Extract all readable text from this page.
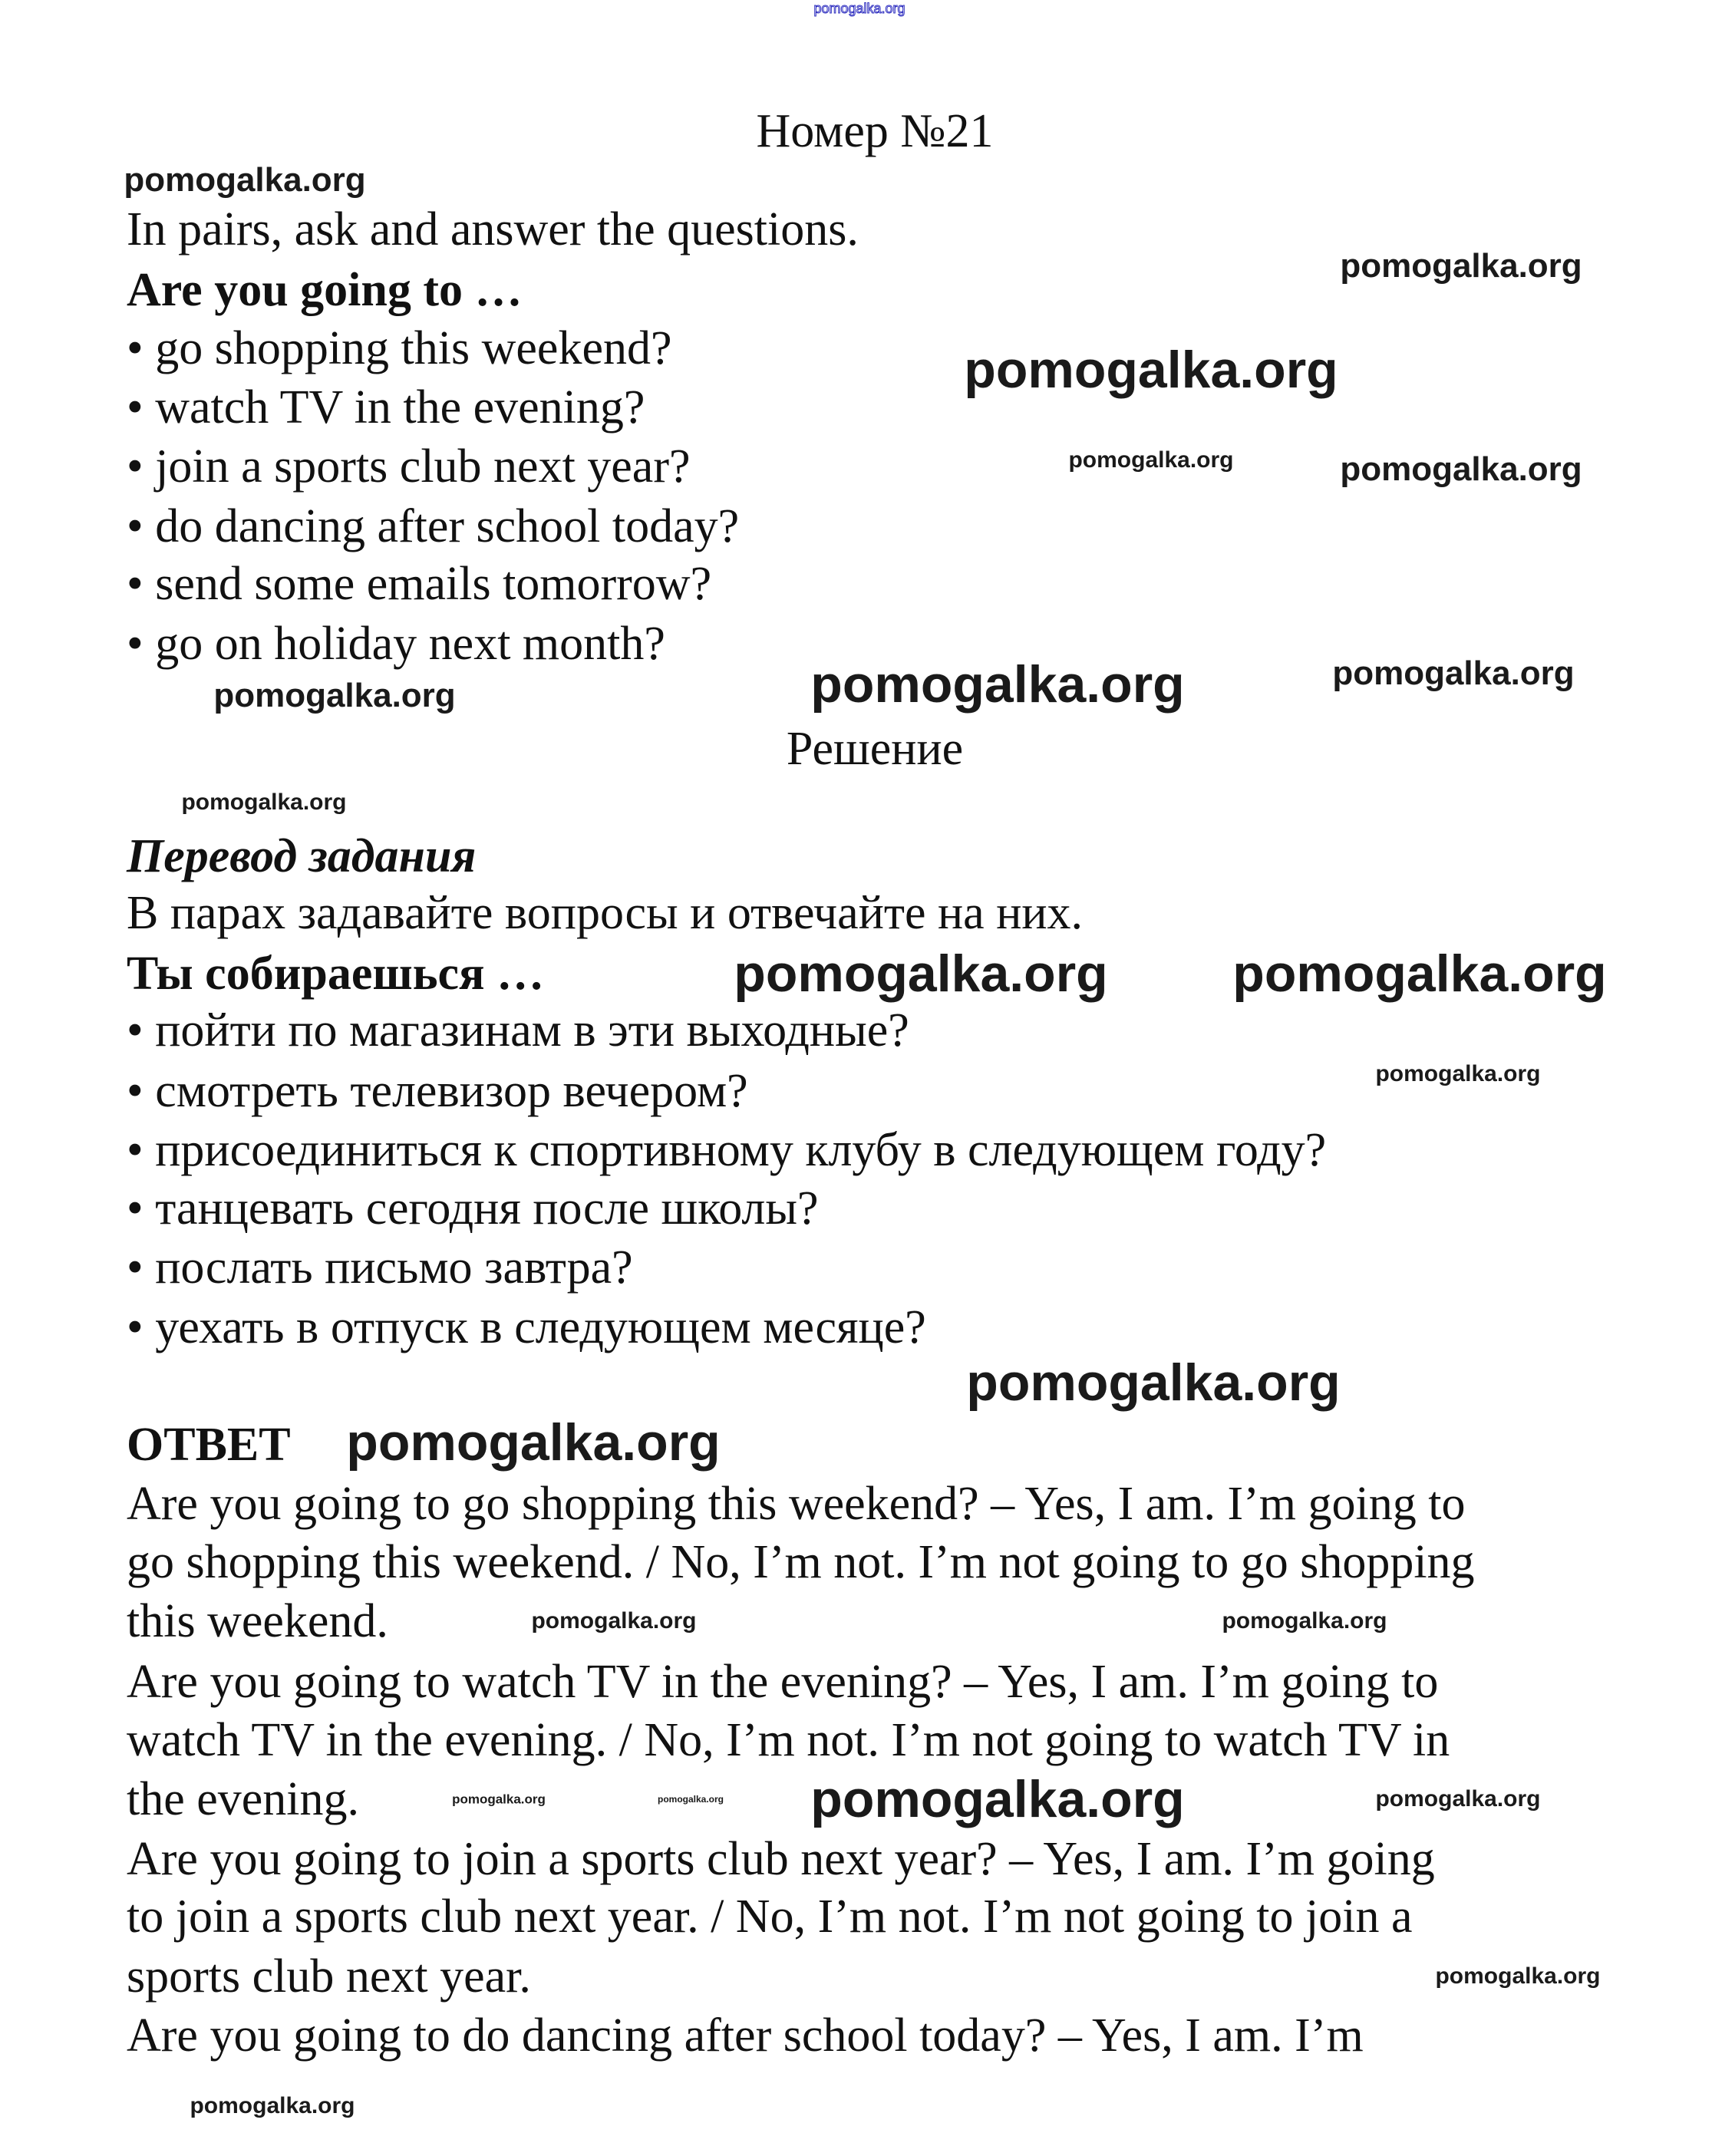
Номер №21
In pairs, ask and answer the questions.
Are you going to …
• go shopping this weekend?
• watch TV in the evening?
• join a sports club next year?
• do dancing after school today?
• send some emails tomorrow?
• go on holiday next month?
Решение
Перевод задания
В парах задавайте вопросы и отвечайте на них.
Ты собираешься …
• пойти по магазинам в эти выходные?
• смотреть телевизор вечером?
• присоединиться к спортивному клубу в следующем году?
• танцевать сегодня после школы?
• послать письмо завтра?
• уехать в отпуск в следующем месяце?
ОТВЕТ
Are you going to go shopping this weekend? – Yes, I am. I’m going to
go shopping this weekend. / No, I’m not. I’m not going to go shopping
this weekend.
Are you going to watch TV in the evening? – Yes, I am. I’m going to
watch TV in the evening. / No, I’m not. I’m not going to watch TV in
the evening.
Are you going to join a sports club next year? – Yes, I am. I’m going
to join a sports club next year. / No, I’m not. I’m not going to join a
sports club next year.
Are you going to do dancing after school today? – Yes, I am. I’m
pomogalka.org
pomogalka.org
pomogalka.org
pomogalka.org
pomogalka.org	pomogalka.org
pomogalka.org	pomogalka.org	pomogalka.org
pomogalka.org
pomogalka.org pomogalka.org
pomogalka.org
pomogalka.org
pomogalka.org
pomogalka.org
pomogalka.org	pomogalka.org
pomogalka.org
pomogalka.org	pomogalka.org
pomogalka.org
pomogalka.org
